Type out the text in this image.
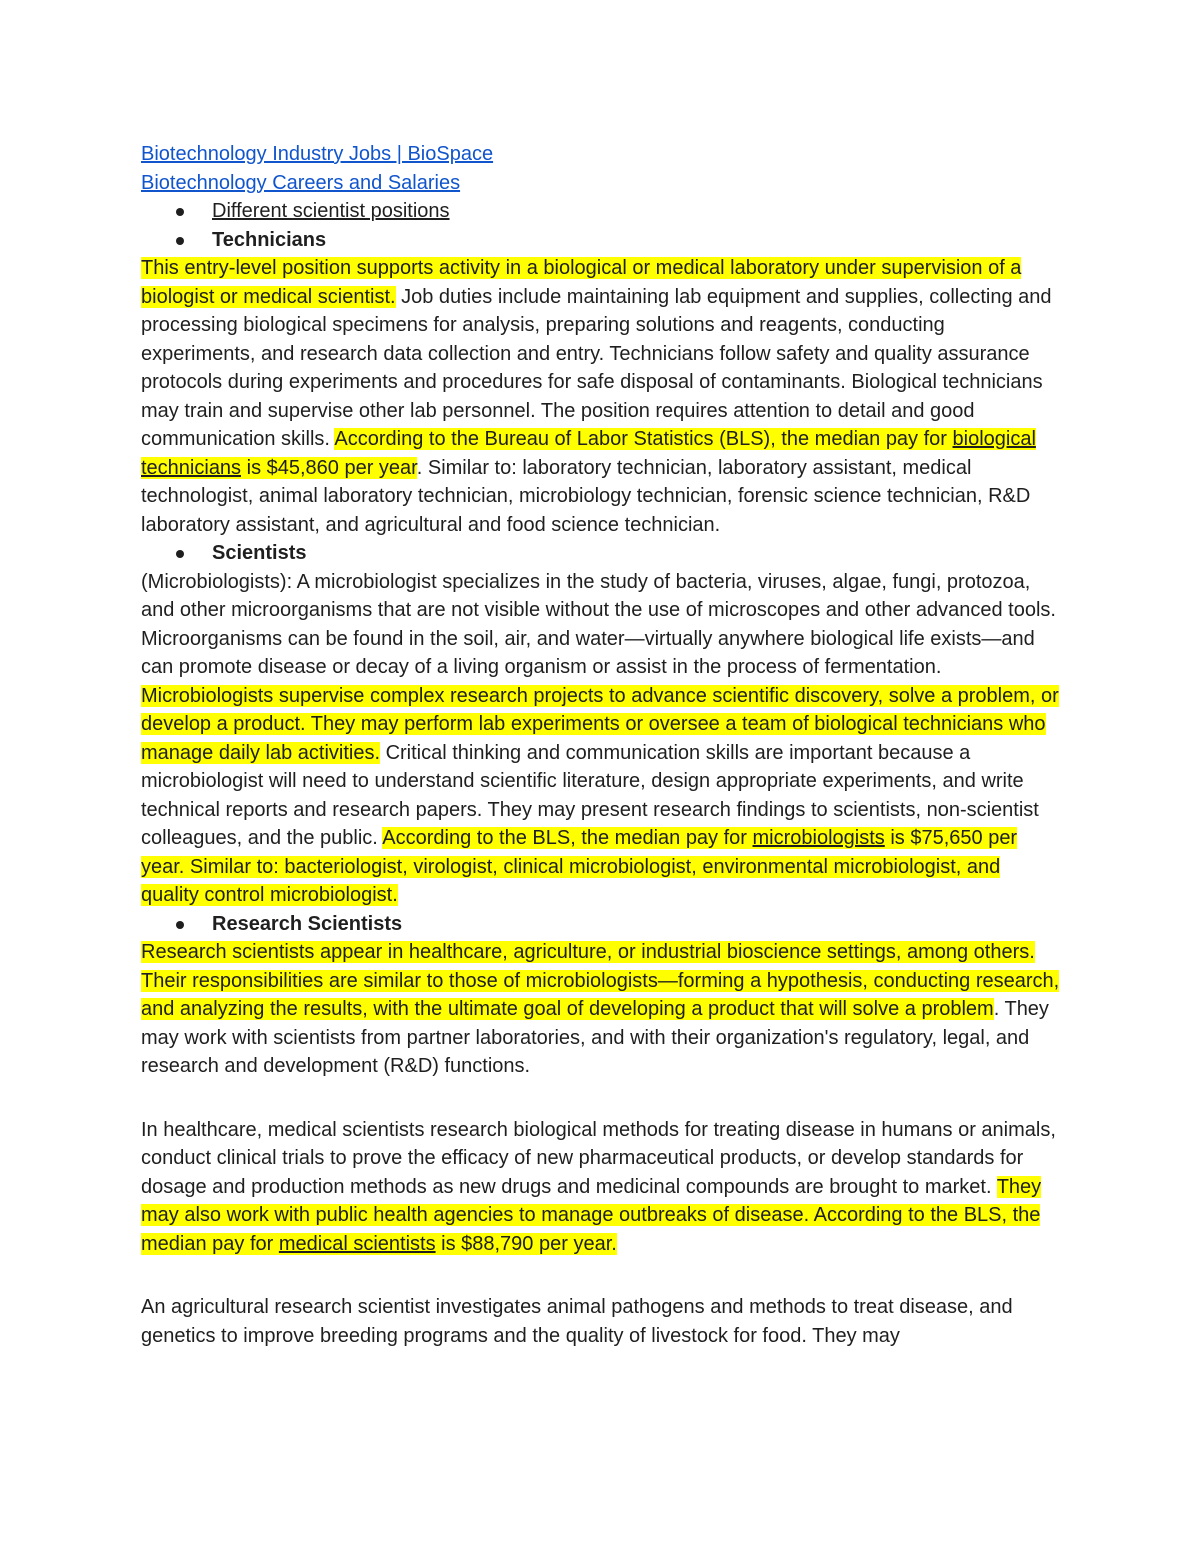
Biotechnology Industry Jobs | BioSpace

Biotechnology Careers and Salaries

Different scientist positions

Technicians

This entry-level position supports activity in a biological or medical laboratory under supervision of a biologist or medical scientist. Job duties include maintaining lab equipment and supplies, collecting and processing biological specimens for analysis, preparing solutions and reagents, conducting experiments, and research data collection and entry. Technicians follow safety and quality assurance protocols during experiments and procedures for safe disposal of contaminants. Biological technicians may train and supervise other lab personnel. The position requires attention to detail and good communication skills. According to the Bureau of Labor Statistics (BLS), the median pay for biological technicians is $45,860 per year. Similar to: laboratory technician, laboratory assistant, medical technologist, animal laboratory technician, microbiology technician, forensic science technician, R&D laboratory assistant, and agricultural and food science technician.

Scientists

(Microbiologists): A microbiologist specializes in the study of bacteria, viruses, algae, fungi, protozoa, and other microorganisms that are not visible without the use of microscopes and other advanced tools. Microorganisms can be found in the soil, air, and water—virtually anywhere biological life exists—and can promote disease or decay of a living organism or assist in the process of fermentation. Microbiologists supervise complex research projects to advance scientific discovery, solve a problem, or develop a product. They may perform lab experiments or oversee a team of biological technicians who manage daily lab activities. Critical thinking and communication skills are important because a microbiologist will need to understand scientific literature, design appropriate experiments, and write technical reports and research papers. They may present research findings to scientists, non-scientist colleagues, and the public. According to the BLS, the median pay for microbiologists is $75,650 per year. Similar to: bacteriologist, virologist, clinical microbiologist, environmental microbiologist, and quality control microbiologist.

Research Scientists

Research scientists appear in healthcare, agriculture, or industrial bioscience settings, among others. Their responsibilities are similar to those of microbiologists—forming a hypothesis, conducting research, and analyzing the results, with the ultimate goal of developing a product that will solve a problem. They may work with scientists from partner laboratories, and with their organization's regulatory, legal, and research and development (R&D) functions.

In healthcare, medical scientists research biological methods for treating disease in humans or animals, conduct clinical trials to prove the efficacy of new pharmaceutical products, or develop standards for dosage and production methods as new drugs and medicinal compounds are brought to market. They may also work with public health agencies to manage outbreaks of disease. According to the BLS, the median pay for medical scientists is $88,790 per year.

An agricultural research scientist investigates animal pathogens and methods to treat disease, and genetics to improve breeding programs and the quality of livestock for food. They may
